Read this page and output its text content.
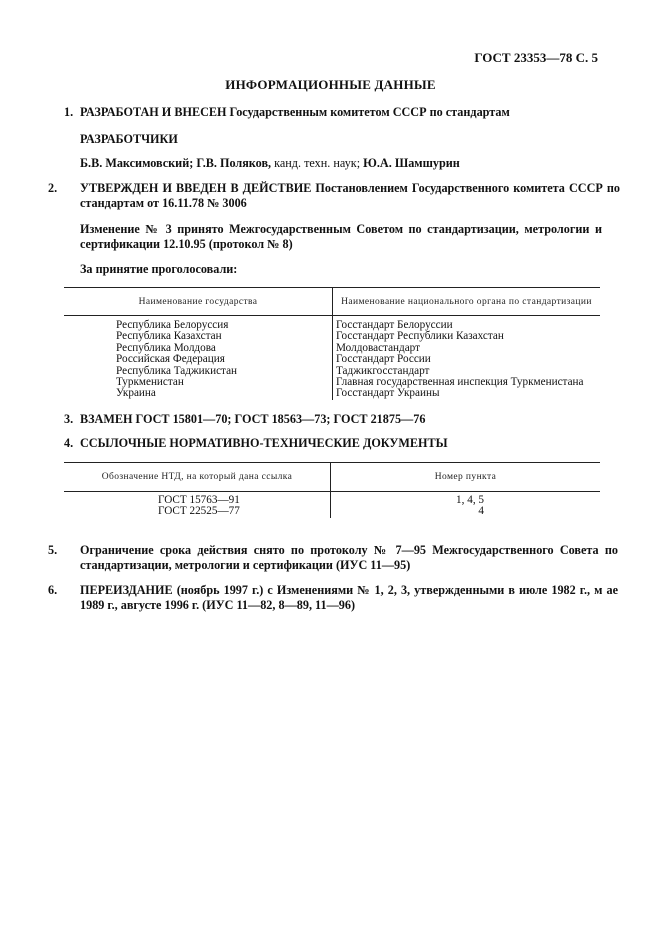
ГОСТ 23353—78 С. 5
ИНФОРМАЦИОННЫЕ ДАННЫЕ
1. РАЗРАБОТАН И ВНЕСЕН Государственным комитетом СССР по стандартам
РАЗРАБОТЧИКИ
Б.В. Максимовский; Г.В. Поляков, канд. техн. наук; Ю.А. Шамшурин
2. УТВЕРЖДЕН И ВВЕДЕН В ДЕЙСТВИЕ Постановлением Государственного комитета СССР по стандартам от 16.11.78 № 3006
Изменение № 3 принято Межгосударственным Советом по стандартизации, метрологии и сертификации 12.10.95 (протокол № 8)
За принятие проголосовали:
Наименование государства	Наименование национального органа по стандартизации
Республика Белоруссия	Госстандарт Белоруссии
Республика Казахстан	Госстандарт Республики Казахстан
Республика Молдова	Молдовастандарт
Российская Федерация	Госстандарт России
Республика Таджикистан	Таджикгосстандарт
Туркменистан	Главная государственная инспекция Туркменистана
Украина	Госстандарт Украины
3. ВЗАМЕН ГОСТ 15801—70; ГОСТ 18563—73; ГОСТ 21875—76
4. ССЫЛОЧНЫЕ НОРМАТИВНО-ТЕХНИЧЕСКИЕ ДОКУМЕНТЫ
Обозначение НТД, на который дана ссылка	Номер пункта
ГОСТ 15763—91	1, 4, 5
ГОСТ 22525—77	4
5. Ограничение срока действия снято по протоколу № 7—95 Межгосударственного Совета по стандартизации, метрологии и сертификации (ИУС 11—95)
6. ПЕРЕИЗДАНИЕ (ноябрь 1997 г.) с Изменениями № 1, 2, 3, утвержденными в июле 1982 г., м ае 1989 г., августе 1996 г. (ИУС 11—82, 8—89, 11—96)
